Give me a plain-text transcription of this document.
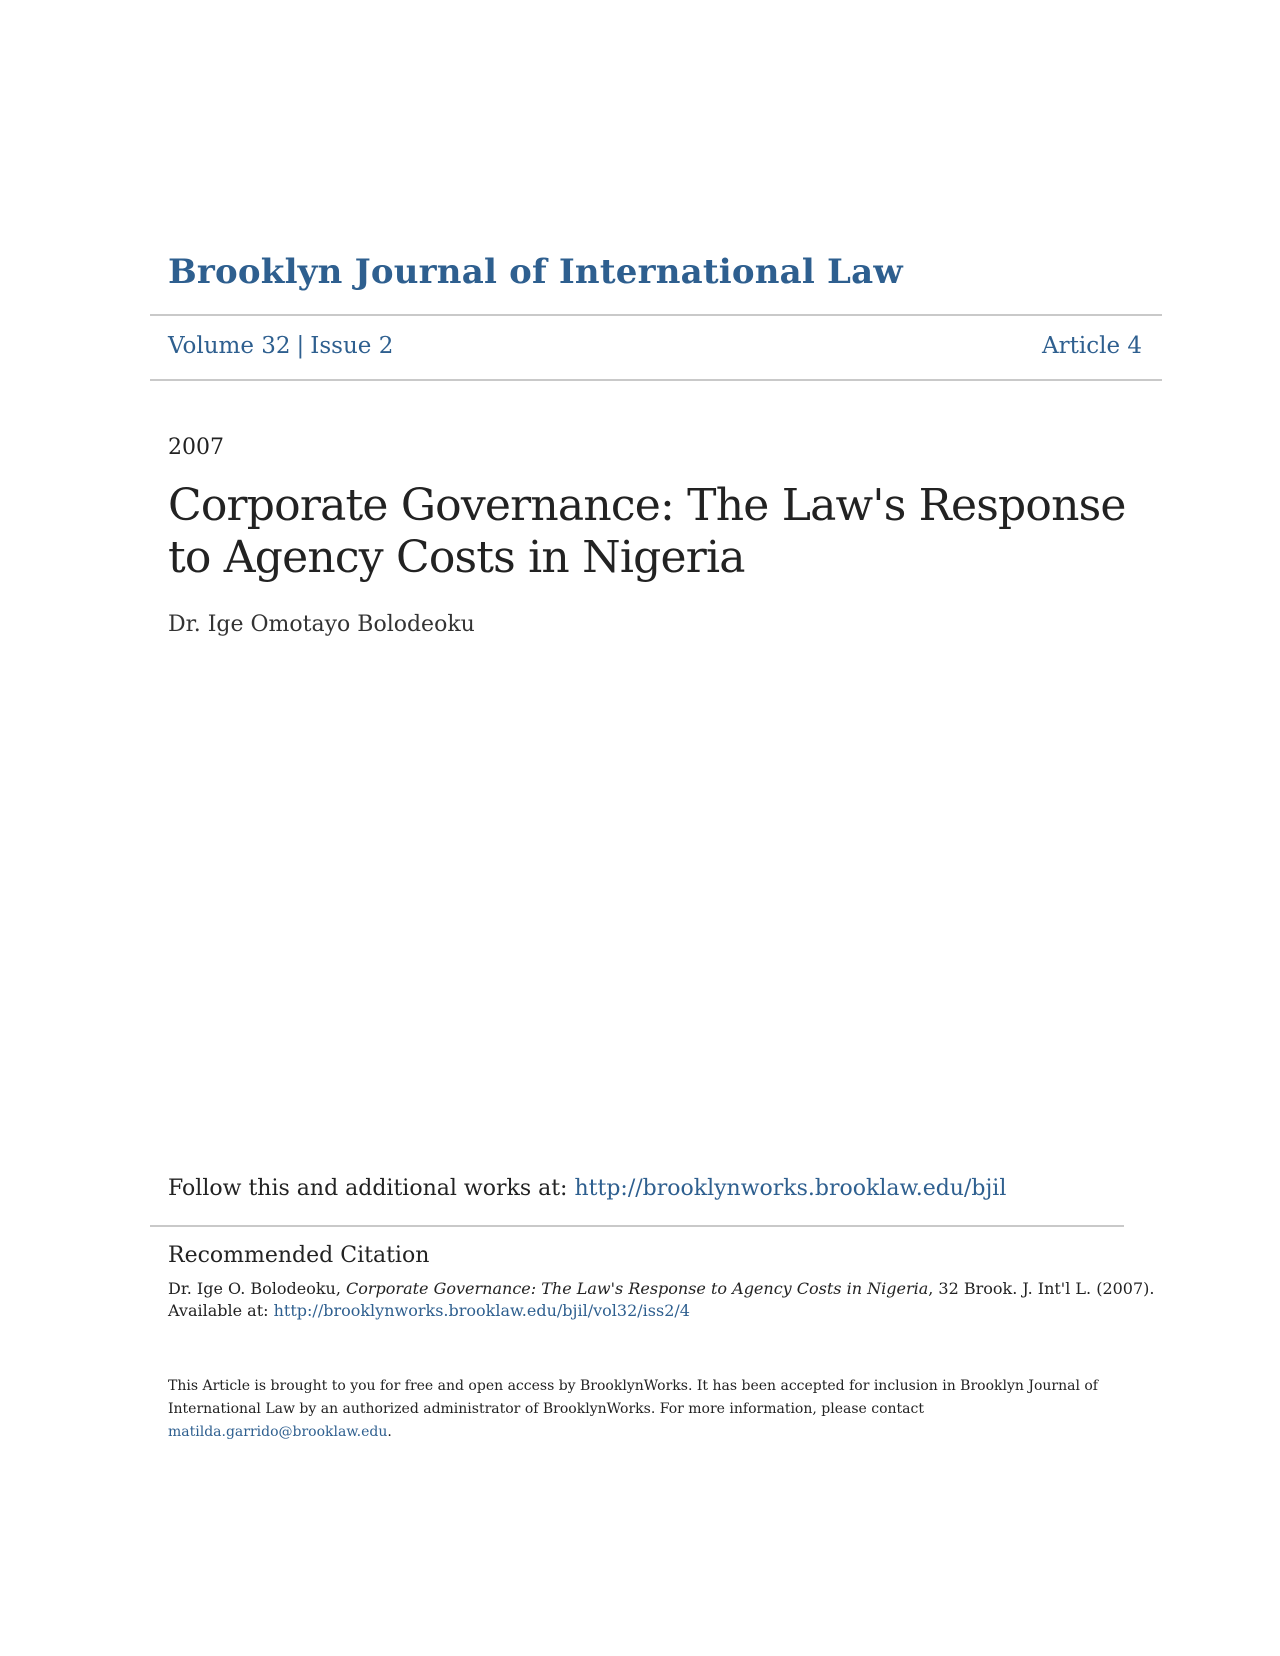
Brooklyn Journal of International Law
Volume 32 | Issue 2	Article 4
2007
Corporate Governance: The Law's Response to Agency Costs in Nigeria
Dr. Ige Omotayo Bolodeoku
Follow this and additional works at: http://brooklynworks.brooklaw.edu/bjil
Recommended Citation
Dr. Ige O. Bolodeoku, Corporate Governance: The Law's Response to Agency Costs in Nigeria, 32 Brook. J. Int'l L. (2007).
Available at: http://brooklynworks.brooklaw.edu/bjil/vol32/iss2/4
This Article is brought to you for free and open access by BrooklynWorks. It has been accepted for inclusion in Brooklyn Journal of International Law by an authorized administrator of BrooklynWorks. For more information, please contact matilda.garrido@brooklaw.edu.
